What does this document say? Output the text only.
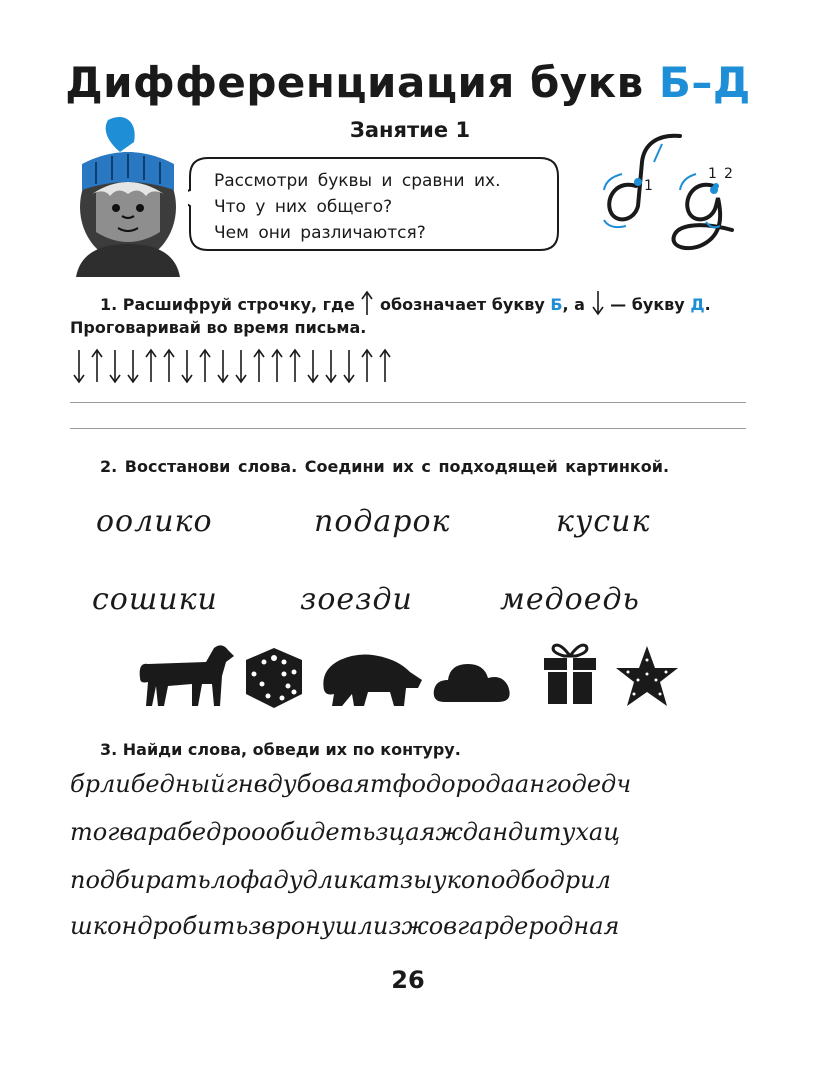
Дифференциация букв Б–Д
Занятие 1
Рассмотри буквы и сравни их.
Что у них общего?
Чем они различаются?
1
1 2
1. Расшифруй строчку, где обозначает букву Б, а — букву Д.
Проговаривай во время письма.
2. Восстанови слова. Соедини их с подходящей картинкой.
оолико	подарок	кусик
сошики	зоезди	медоедь
3. Найди слова, обведи их по контуру.
брлибедныйгнвдубоваятфодородаангодедч
тогварабедроообидетьзцаяждандитухац
подбиратьлофадудликатзыукоподбодрил
шкондробитьзвронушлизжовгардеродная
26
